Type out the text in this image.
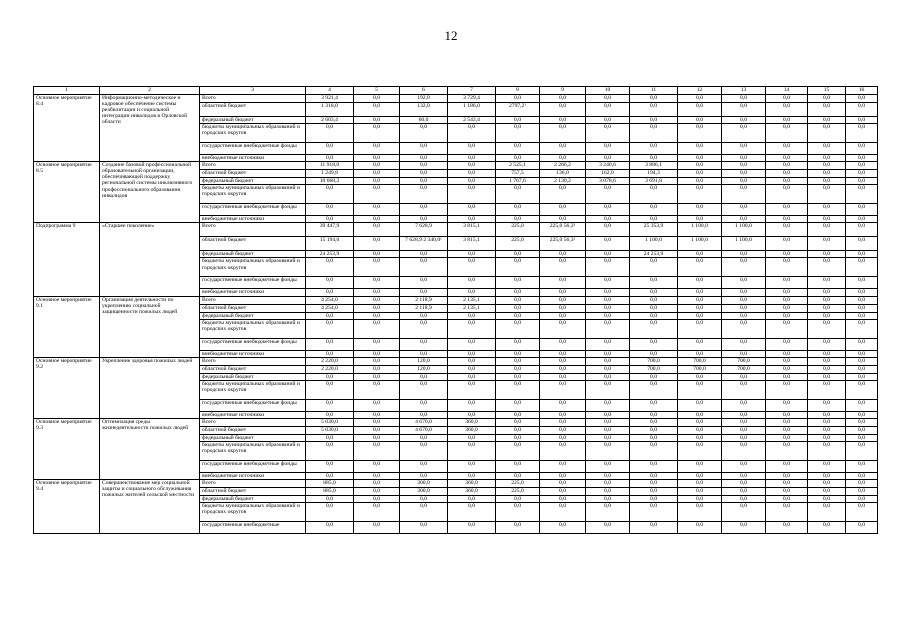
12
1	2	3	4	5	6	7	8	9	10	11	12	13	14	15	16
Основное мероприятие 8.4	Информационно-методическое и кадровое обеспечение системы реабилитации и социальной интеграции инвалидов в Орловской области	Всего	3 921,4	0,0	192,0	3 729,4	0,0	0,0	0,0	0,0	0,0	0,0	0,0	0,0	0,0
		областной бюджет	1 318,0	0,0	132,0	1 186,0	2797,2¹	0,0	0,0	0,0	0,0	0,0	0,0	0,0	0,0
		федеральный бюджет	2 603,4	0,0	60,0	2 543,4	0,0	0,0	0,0	0,0	0,0	0,0	0,0	0,0	0,0
		бюджеты муниципальных образований и городских округов	0,0	0,0	0,0	0,0	0,0	0,0	0,0	0,0	0,0	0,0	0,0	0,0	0,0
		государственные внебюджетные фонды	0,0	0,0	0,0	0,0	0,0	0,0	0,0	0,0	0,0	0,0	0,0	0,0	0,0
		внебюджетные источники	0,0	0,0	0,0	0,0	0,0	0,0	0,0	0,0	0,0	0,0	0,0	0,0	0,0
Основное мероприятие 8.5	Создание базовой профессиональной образовательной организации, обеспечивающей поддержку региональной системы инклюзивного профессионального образования инвалидов	Всего	11 918,0	0,0	0,0	0,0	2 525,1	2 266,2	3 240,6	3 886,1	0,0	0,0	0,0	0,0	0,0
		областной бюджет	1 249,8	0,0	0,0	0,0	757,5	136,0	162,0	194,3	0,0	0,0	0,0	0,0	0,0
		федеральный бюджет	10 668,2	0,0	0,0	0,0	1 767,6	2 130,2	3 078,6	3 691,8	0,0	0,0	0,0	0,0	0,0
		бюджеты муниципальных образований и городских округов	0,0	0,0	0,0	0,0	0,0	0,0	0,0	0,0	0,0	0,0	0,0	0,0	0,0
		государственные внебюджетные фонды	0,0	0,0	0,0	0,0	0,0	0,0	0,0	0,0	0,0	0,0	0,0	0,0	0,0
		внебюджетные источники	0,0	0,0	0,0	0,0	0,0	0,0	0,0	0,0	0,0	0,0	0,0	0,0	0,0
Подпрограмма 9	«Старшее поколение»	Всего	39 447,9	0,0	7 628,9	3 815,1	225,0	225,0 56,3¹	0,0	25 353,9	1 100,0	1 100,0	0,0	0,0	0,0
		областной бюджет	15 194,0	0,0	7 628,9 2 340,0¹	3 815,1	225,0	225,0 56,3¹	0,0	1 100,0	1 100,0	1 100,0	0,0	0,0	0,0
		федеральный бюджет	24 253,9	0,0	0,0	0,0	0,0	0,0	0,0	24 253,9	0,0	0,0	0,0	0,0	0,0
		бюджеты муниципальных образований и городских округов	0,0	0,0	0,0	0,0	0,0	0,0	0,0	0,0	0,0	0,0	0,0	0,0	0,0
		государственные внебюджетные фонды	0,0	0,0	0,0	0,0	0,0	0,0	0,0	0,0	0,0	0,0	0,0	0,0	0,0
		внебюджетные источники	0,0	0,0	0,0	0,0	0,0	0,0	0,0	0,0	0,0	0,0	0,0	0,0	0,0
Основное мероприятие 9.1	Организация деятельности по укреплению социальной защищенности пожилых людей	Всего	4 254,0	0,0	2 118,9	2 135,1	0,0	0,0	0,0	0,0	0,0	0,0	0,0	0,0	0,0
		областной бюджет	4 254,0	0,0	2 118,9	2 135,1	0,0	0,0	0,0	0,0	0,0	0,0	0,0	0,0	0,0
		федеральный бюджет	0,0	0,0	0,0	0,0	0,0	0,0	0,0	0,0	0,0	0,0	0,0	0,0	0,0
		бюджеты муниципальных образований и городских округов	0,0	0,0	0,0	0,0	0,0	0,0	0,0	0,0	0,0	0,0	0,0	0,0	0,0
		государственные внебюджетные фонды	0,0	0,0	0,0	0,0	0,0	0,0	0,0	0,0	0,0	0,0	0,0	0,0	0,0
		внебюджетные источники	0,0	0,0	0,0	0,0	0,0	0,0	0,0	0,0	0,0	0,0	0,0	0,0	0,0
Основное мероприятие 9.2	Укрепление здоровья пожилых людей	Всего	2 220,0	0,0	120,0	0,0	0,0	0,0	0,0	700,0	700,0	700,0	0,0	0,0	0,0
		областной бюджет	2 220,0	0,0	120,0	0,0	0,0	0,0	0,0	700,0	700,0	700,0	0,0	0,0	0,0
		федеральный бюджет	0,0	0,0	0,0	0,0	0,0	0,0	0,0	0,0	0,0	0,0	0,0	0,0	0,0
		бюджеты муниципальных образований и городских округов	0,0	0,0	0,0	0,0	0,0	0,0	0,0	0,0	0,0	0,0	0,0	0,0	0,0
		государственные внебюджетные фонды	0,0	0,0	0,0	0,0	0,0	0,0	0,0	0,0	0,0	0,0	0,0	0,0	0,0
		внебюджетные источники	0,0	0,0	0,0	0,0	0,0	0,0	0,0	0,0	0,0	0,0	0,0	0,0	0,0
Основное мероприятие 9.3	Оптимизация среды жизнедеятельности пожилых людей	Всего	5 030,0	0,0	4 670,0	360,0	0,0	0,0	0,0	0,0	0,0	0,0	0,0	0,0	0,0
		областной бюджет	5 030,0	0,0	4 670,0	360,0	0,0	0,0	0,0	0,0	0,0	0,0	0,0	0,0	0,0
		федеральный бюджет	0,0	0,0	0,0	0,0	0,0	0,0	0,0	0,0	0,0	0,0	0,0	0,0	0,0
		бюджеты муниципальных образований и городских округов	0,0	0,0	0,0	0,0	0,0	0,0	0,0	0,0	0,0	0,0	0,0	0,0	0,0
		государственные внебюджетные фонды	0,0	0,0	0,0	0,0	0,0	0,0	0,0	0,0	0,0	0,0	0,0	0,0	0,0
		внебюджетные источники	0,0	0,0	0,0	0,0	0,0	0,0	0,0	0,0	0,0	0,0	0,0	0,0	0,0
Основное мероприятие 9.4	Совершенствование мер социальной защиты и социального обслуживания пожилых жителей сельской местности	Всего	885,0	0,0	300,0	360,0	225,0	0,0	0,0	0,0	0,0	0,0	0,0	0,0	0,0
		областной бюджет	885,0	0,0	300,0	360,0	225,0	0,0	0,0	0,0	0,0	0,0	0,0	0,0	0,0
		федеральный бюджет	0,0	0,0	0,0	0,0	0,0	0,0	0,0	0,0	0,0	0,0	0,0	0,0	0,0
		бюджеты муниципальных образований и городских округов	0,0	0,0	0,0	0,0	0,0	0,0	0,0	0,0	0,0	0,0	0,0	0,0	0,0
		государственные внебюджетные	0,0	0,0	0,0	0,0	0,0	0,0	0,0	0,0	0,0	0,0	0,0	0,0	0,0
